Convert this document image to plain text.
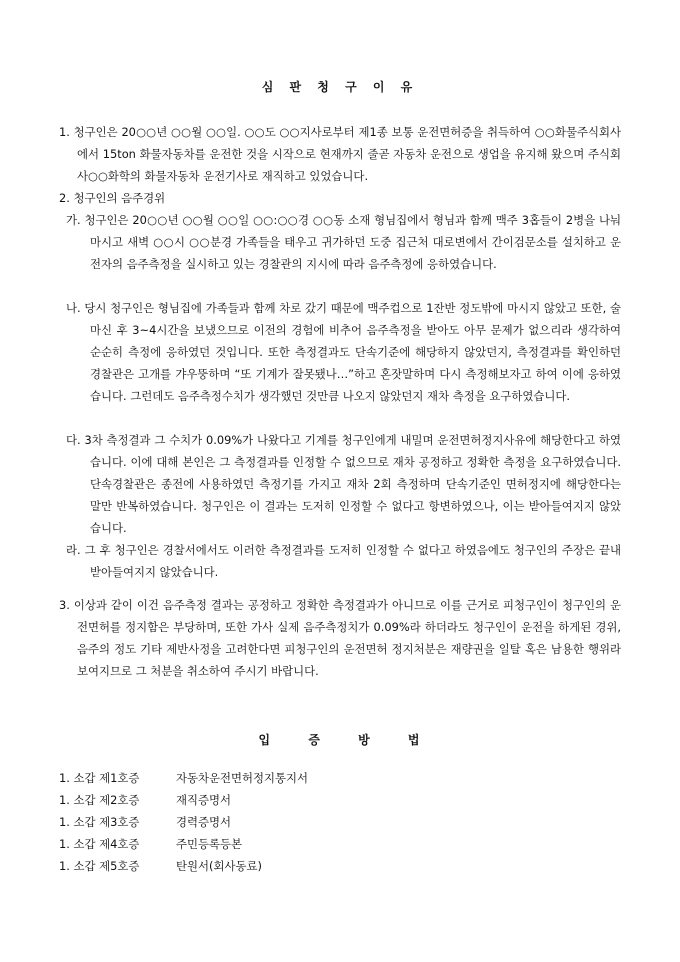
심 판 청 구 이 유
1. 청구인은 20○○년 ○○월 ○○일. ○○도 ○○지사로부터 제1종 보통 운전면허증을 취득하여 ○○화물주식회사에서 15ton 화물자동차를 운전한 것을 시작으로 현재까지 줄곧 자동차 운전으로 생업을 유지해 왔으며 주식회사○○화학의 화물자동차 운전기사로 재직하고 있었습니다.
2. 청구인의 음주경위
가. 청구인은 20○○년 ○○월 ○○일 ○○:○○경 ○○동 소재 형님집에서 형님과 함께 맥주 3홉들이 2병을 나눠 마시고 새벽 ○○시 ○○분경 가족들을 태우고 귀가하던 도중 집근처 대로변에서 간이검문소를 설치하고 운전자의 음주측정을 실시하고 있는 경찰관의 지시에 따라 음주측정에 응하였습니다.
나. 당시 청구인은 형님집에 가족들과 함께 차로 갔기 때문에 맥주컵으로 1잔반 정도밖에 마시지 않았고 또한, 술 마신 후 3~4시간을 보냈으므로 이전의 경험에 비추어 음주측정을 받아도 아무 문제가 없으리라 생각하여 순순히 측정에 응하였던 것입니다. 또한 측정결과도 단속기준에 해당하지 않았던지, 측정결과를 확인하던 경찰관은 고개를 갸우뚱하며 “또 기계가 잘못됐나…”하고 혼잣말하며 다시 측정해보자고 하여 이에 응하였습니다. 그런데도 음주측정수치가 생각했던 것만큼 나오지 않았던지 재차 측정을 요구하였습니다.
다. 3차 측정결과 그 수치가 0.09%가 나왔다고 기계를 청구인에게 내밀며 운전면허정지사유에 해당한다고 하였습니다. 이에 대해 본인은 그 측정결과를 인정할 수 없으므로 재차 공정하고 정확한 측정을 요구하였습니다. 단속경찰관은 종전에 사용하였던 측정기를 가지고 재차 2회 측정하며 단속기준인 면허정지에 해당한다는 말만 반복하였습니다. 청구인은 이 결과는 도저히 인정할 수 없다고 항변하였으나, 이는 받아들여지지 않았습니다.
라. 그 후 청구인은 경찰서에서도 이러한 측정결과를 도저히 인정할 수 없다고 하였음에도 청구인의 주장은 끝내 받아들여지지 않았습니다.
3. 이상과 같이 이건 음주측정 결과는 공정하고 정확한 측정결과가 아니므로 이를 근거로 피청구인이 청구인의 운전면허를 정지함은 부당하며, 또한 가사 실제 음주측정치가 0.09%라 하더라도 청구인이 운전을 하게된 경위, 음주의 정도 기타 제반사정을 고려한다면 피청구인의 운전면허 정지처분은 재량권을 일탈 혹은 남용한 행위라 보여지므로 그 처분을 취소하여 주시기 바랍니다.
입 증 방 법
1. 소갑 제1호증	자동차운전면허정지통지서
1. 소갑 제2호증	재직증명서
1. 소갑 제3호증	경력증명서
1. 소갑 제4호증	주민등록등본
1. 소갑 제5호증	탄원서(회사동료)
